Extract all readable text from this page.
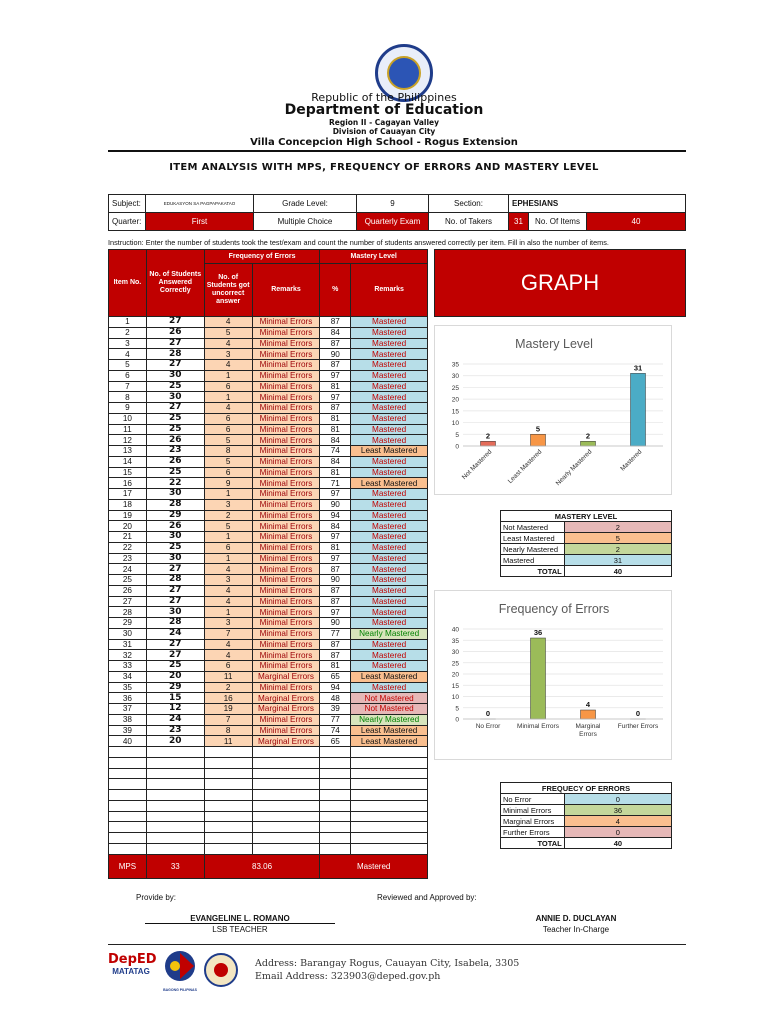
Republic of the Philippines
Department of Education
Region II - Cagayan Valley
Division of Cauayan City
Villa Concepcion High School - Rogus Extension
ITEM ANALYSIS WITH MPS, FREQUENCY OF ERRORS AND MASTERY LEVEL
Subject:	EDUKASYON SA PAGPAPAKATAO	Grade Level:	9	Section:	EPHESIANS		
Quarter:	First	Multiple Choice	Quarterly Exam	No. of Takers	31	No. Of Items	40
Instruction: Enter the number of students took the test/exam and count the number of students answered correctly per item. Fill in also the number of items.
Item No.	No. of Students Answered Correctly	Frequency of Errors		Mastery Level	
		No. of Students got uncorrect answer	Remarks	%	Remarks
1	27	4	Minimal Errors	87	Mastered
2	26	5	Minimal Errors	84	Mastered
3	27	4	Minimal Errors	87	Mastered
4	28	3	Minimal Errors	90	Mastered
5	27	4	Minimal Errors	87	Mastered
6	30	1	Minimal Errors	97	Mastered
7	25	6	Minimal Errors	81	Mastered
8	30	1	Minimal Errors	97	Mastered
9	27	4	Minimal Errors	87	Mastered
10	25	6	Minimal Errors	81	Mastered
11	25	6	Minimal Errors	81	Mastered
12	26	5	Minimal Errors	84	Mastered
13	23	8	Minimal Errors	74	Least Mastered
14	26	5	Minimal Errors	84	Mastered
15	25	6	Minimal Errors	81	Mastered
16	22	9	Minimal Errors	71	Least Mastered
17	30	1	Minimal Errors	97	Mastered
18	28	3	Minimal Errors	90	Mastered
19	29	2	Minimal Errors	94	Mastered
20	26	5	Minimal Errors	84	Mastered
21	30	1	Minimal Errors	97	Mastered
22	25	6	Minimal Errors	81	Mastered
23	30	1	Minimal Errors	97	Mastered
24	27	4	Minimal Errors	87	Mastered
25	28	3	Minimal Errors	90	Mastered
26	27	4	Minimal Errors	87	Mastered
27	27	4	Minimal Errors	87	Mastered
28	30	1	Minimal Errors	97	Mastered
29	28	3	Minimal Errors	90	Mastered
30	24	7	Minimal Errors	77	Nearly Mastered
31	27	4	Minimal Errors	87	Mastered
32	27	4	Minimal Errors	87	Mastered
33	25	6	Minimal Errors	81	Mastered
34	20	11	Marginal Errors	65	Least Mastered
35	29	2	Minimal Errors	94	Mastered
36	15	16	Marginal Errors	48	Not Mastered
37	12	19	Marginal Errors	39	Not Mastered
38	24	7	Minimal Errors	77	Nearly Mastered
39	23	8	Minimal Errors	74	Least Mastered
40	20	11	Marginal Errors	65	Least Mastered

MPS	33	83.06		Mastered	
GRAPH
Mastery Level
0
5
10
15
20
25
30
35
2
Not Mastered
5
Least Mastered
2
Nearly Mastered
31
Mastered
MASTERY LEVEL	
Not Mastered	2
Least Mastered	5
Nearly Mastered	2
Mastered	31
TOTAL	40
Frequency of Errors
0
5
10
15
20
25
30
35
40
0
No Error
36
Minimal Errors
4
Marginal
Errors
0
Further Errors
FREQUECY OF ERRORS	
No Error	0
Minimal Errors	36
Marginal Errors	4
Further Errors	0
TOTAL	40
Provide by:	Reviewed and Approved by:
EVANGELINE L. ROMANO
LSB TEACHER
ANNIE D. DUCLAYAN
Teacher In-Charge
DepED
MATATAG
BAGONG PILIPINAS
Address: Barangay Rogus, Cauayan City, Isabela, 3305
Email Address: 323903@deped.gov.ph
